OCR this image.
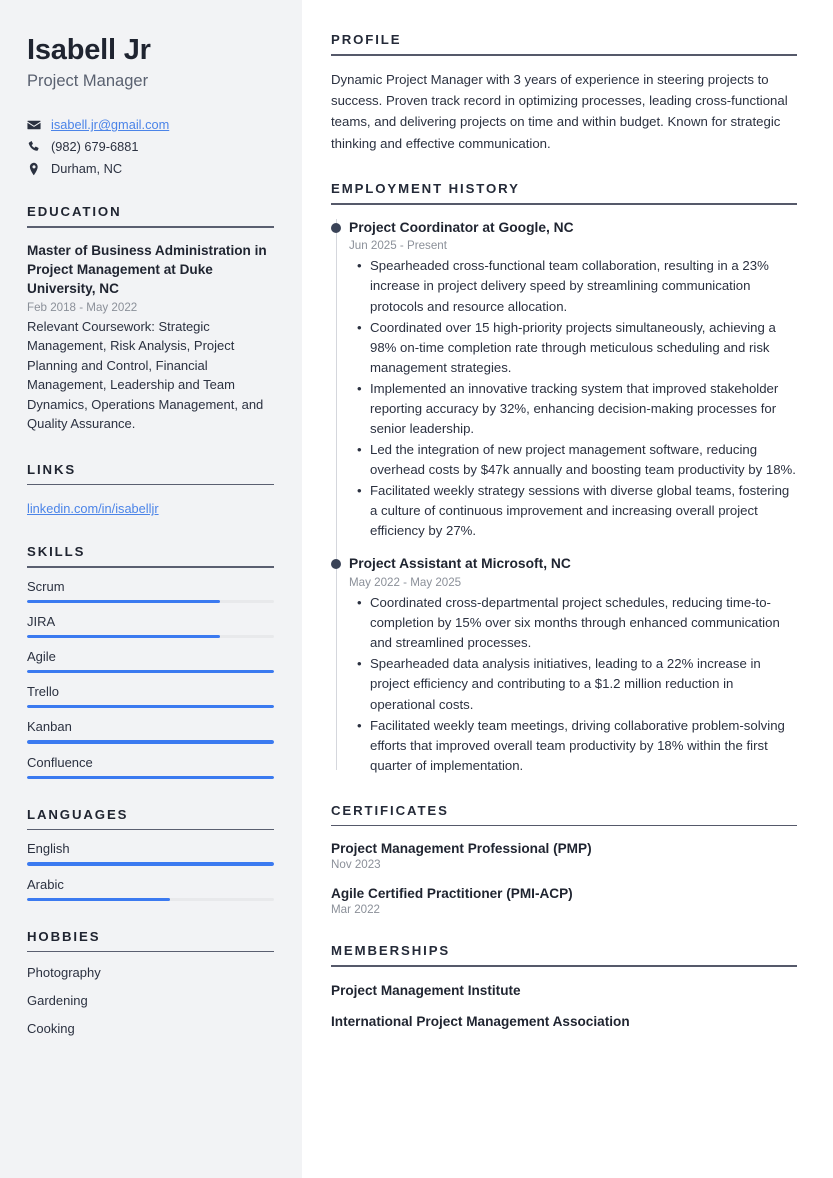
Isabell Jr
Project Manager
isabell.jr@gmail.com
(982) 679-6881
Durham, NC
EDUCATION
Master of Business Administration in Project Management at Duke University, NC
Feb 2018 - May 2022
Relevant Coursework: Strategic Management, Risk Analysis, Project Planning and Control, Financial Management, Leadership and Team Dynamics, Operations Management, and Quality Assurance.
LINKS
linkedin.com/in/isabelljr
SKILLS
Scrum
JIRA
Agile
Trello
Kanban
Confluence
LANGUAGES
English
Arabic
HOBBIES
Photography
Gardening
Cooking
PROFILE

Dynamic Project Manager with 3 years of experience in steering projects to success. Proven track record in optimizing processes, leading cross-functional teams, and delivering projects on time and within budget. Known for strategic thinking and effective communication.

EMPLOYMENT HISTORY
Project Coordinator at Google, NC
Jun 2025 - Present
• Spearheaded cross-functional team collaboration, resulting in a 23% increase in project delivery speed by streamlining communication protocols and resource allocation.
• Coordinated over 15 high-priority projects simultaneously, achieving a 98% on-time completion rate through meticulous scheduling and risk management strategies.
• Implemented an innovative tracking system that improved stakeholder reporting accuracy by 32%, enhancing decision-making processes for senior leadership.
• Led the integration of new project management software, reducing overhead costs by $47k annually and boosting team productivity by 18%.
• Facilitated weekly strategy sessions with diverse global teams, fostering a culture of continuous improvement and increasing overall project efficiency by 27%.
Project Assistant at Microsoft, NC
May 2022 - May 2025
• Coordinated cross-departmental project schedules, reducing time-to-completion by 15% over six months through enhanced communication and streamlined processes.
• Spearheaded data analysis initiatives, leading to a 22% increase in project efficiency and contributing to a $1.2 million reduction in operational costs.
• Facilitated weekly team meetings, driving collaborative problem-solving efforts that improved overall team productivity by 18% within the first quarter of implementation.
CERTIFICATES
Project Management Professional (PMP)
Nov 2023
Agile Certified Practitioner (PMI-ACP)
Mar 2022
MEMBERSHIPS
Project Management Institute
International Project Management Association
